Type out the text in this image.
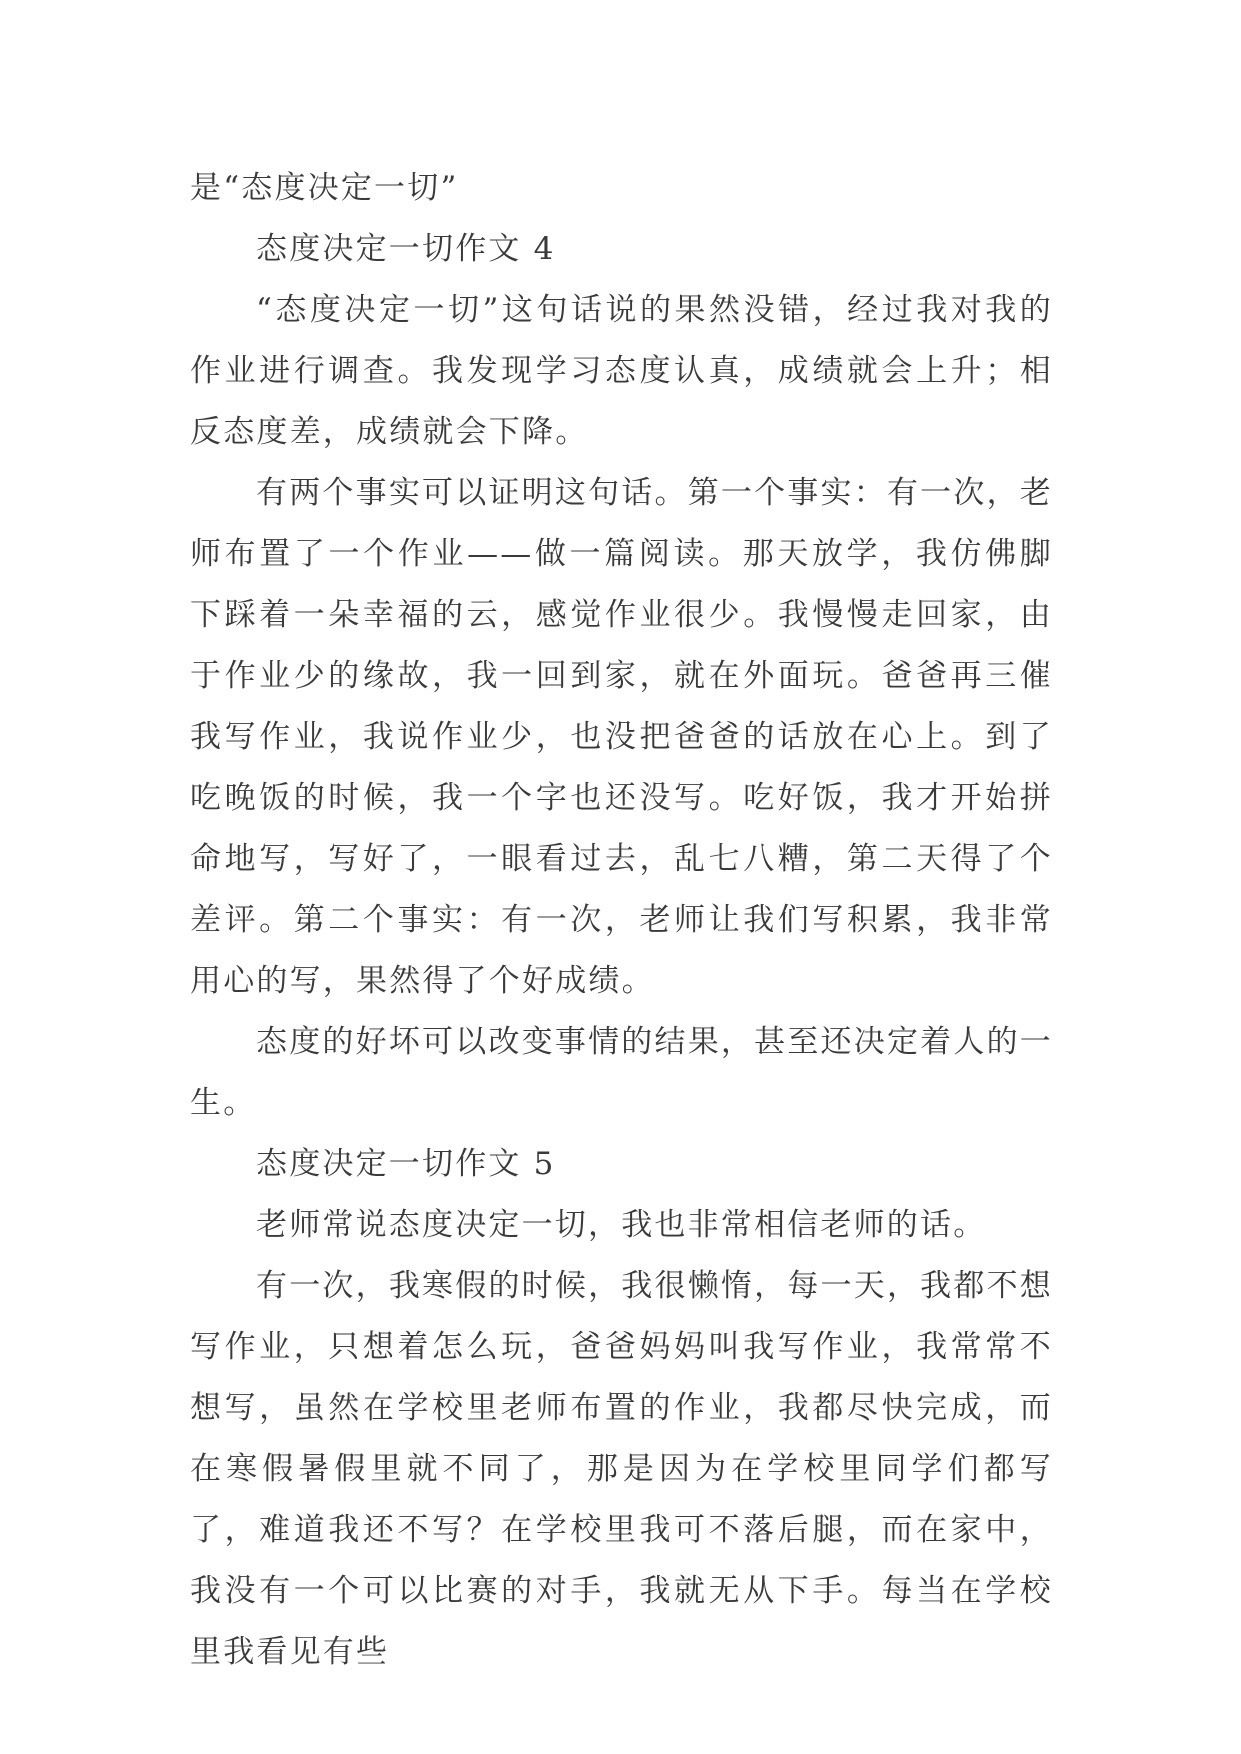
是“态度决定一切”

态度决定一切作文 4

“态度决定一切”这句话说的果然没错，经过我对我的作业进行调查。我发现学习态度认真，成绩就会上升；相反态度差，成绩就会下降。

有两个事实可以证明这句话。第一个事实：有一次，老师布置了一个作业——做一篇阅读。那天放学，我仿佛脚下踩着一朵幸福的云，感觉作业很少。我慢慢走回家，由于作业少的缘故，我一回到家，就在外面玩。爸爸再三催我写作业，我说作业少，也没把爸爸的话放在心上。到了吃晚饭的时候，我一个字也还没写。吃好饭，我才开始拼命地写，写好了，一眼看过去，乱七八糟，第二天得了个差评。第二个事实：有一次，老师让我们写积累，我非常用心的写，果然得了个好成绩。

态度的好坏可以改变事情的结果，甚至还决定着人的一生。

态度决定一切作文 5

老师常说态度决定一切，我也非常相信老师的话。

有一次，我寒假的时候，我很懒惰，每一天，我都不想写作业，只想着怎么玩，爸爸妈妈叫我写作业，我常常不想写，虽然在学校里老师布置的作业，我都尽快完成，而在寒假暑假里就不同了，那是因为在学校里同学们都写了，难道我还不写？在学校里我可不落后腿，而在家中，我没有一个可以比赛的对手，我就无从下手。每当在学校里我看见有些
